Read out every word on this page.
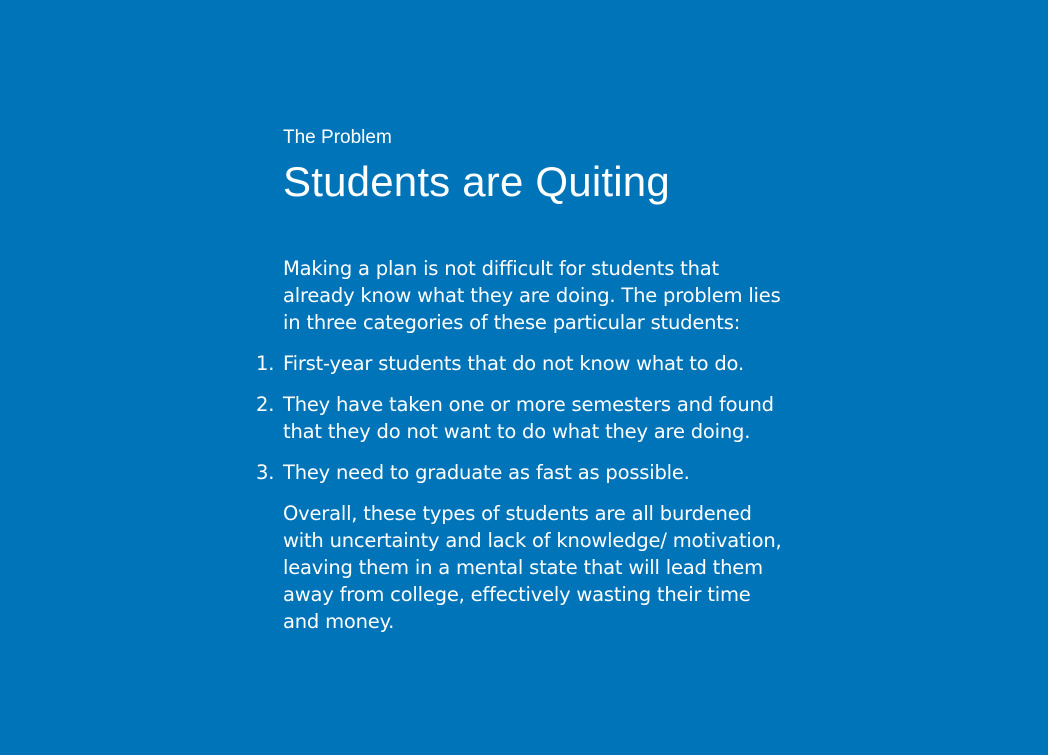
The Problem

Students are Quiting

Making a plan is not difficult for students that already know what they are doing. The problem lies in three categories of these particular students:

1. First-year students that do not know what to do.
2. They have taken one or more semesters and found that they do not want to do what they are doing.
3. They need to graduate as fast as possible.

Overall, these types of students are all burdened with uncertainty and lack of knowledge/ motivation, leaving them in a mental state that will lead them away from college, effectively wasting their time and money.
